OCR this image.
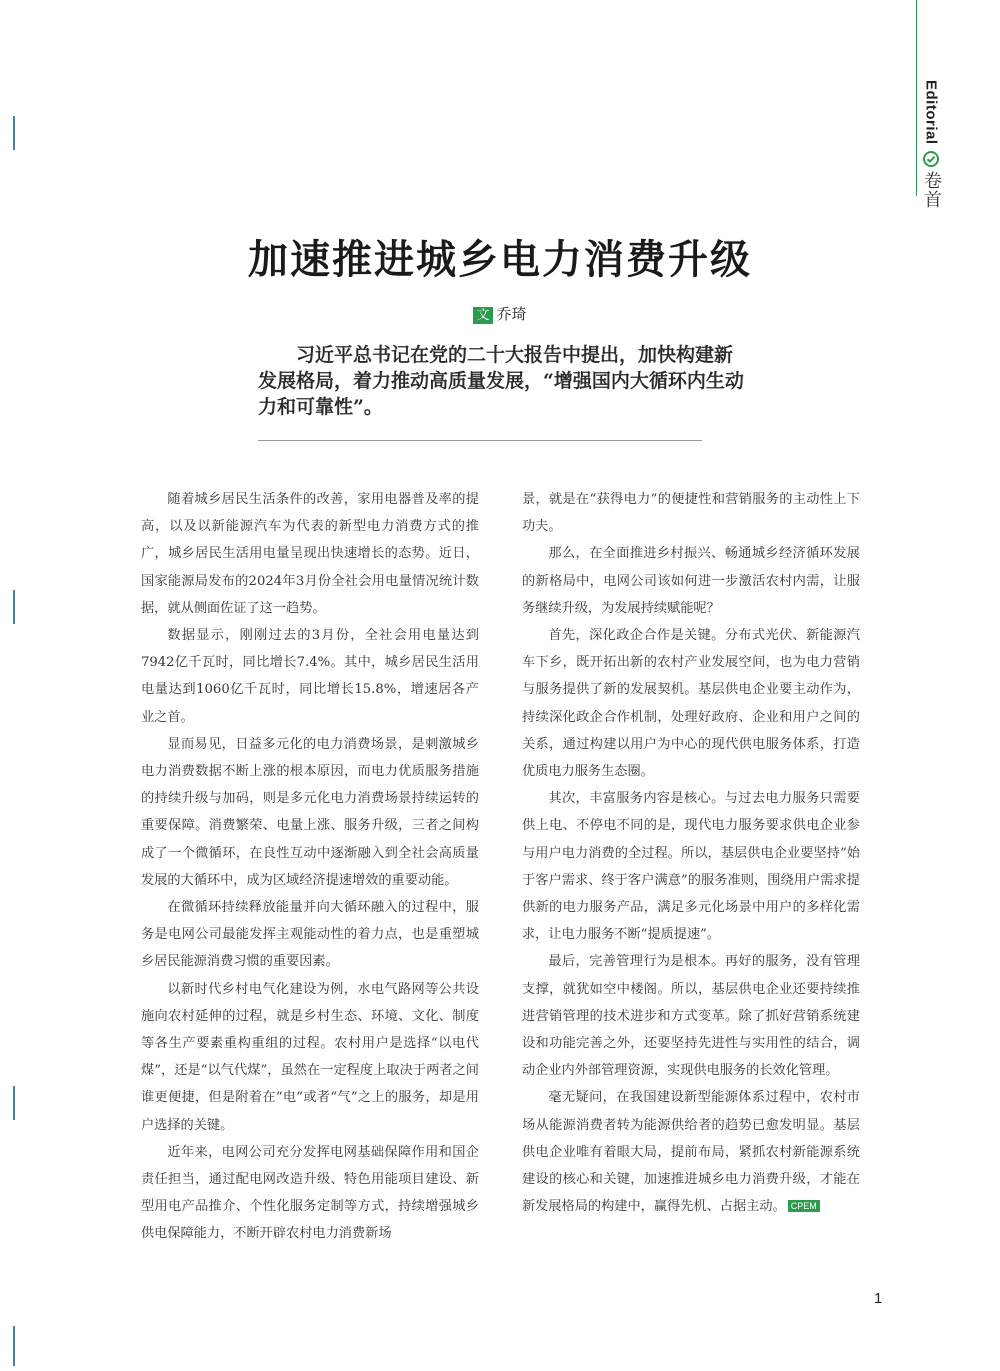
Editorial
卷首
加速推进城乡电力消费升级
文 乔琦

习近平总书记在党的二十大报告中提出，加快构建新发展格局，着力推动高质量发展，“增强国内大循环内生动力和可靠性”。

随着城乡居民生活条件的改善，家用电器普及率的提高，以及以新能源汽车为代表的新型电力消费方式的推广，城乡居民生活用电量呈现出快速增长的态势。近日，国家能源局发布的2024年3月份全社会用电量情况统计数据，就从侧面佐证了这一趋势。

数据显示，刚刚过去的3月份，全社会用电量达到7942亿千瓦时，同比增长7.4%。其中，城乡居民生活用电量达到1060亿千瓦时，同比增长15.8%，增速居各产业之首。

显而易见，日益多元化的电力消费场景，是刺激城乡电力消费数据不断上涨的根本原因，而电力优质服务措施的持续升级与加码，则是多元化电力消费场景持续运转的重要保障。消费繁荣、电量上涨、服务升级，三者之间构成了一个微循环，在良性互动中逐渐融入到全社会高质量发展的大循环中，成为区域经济提速增效的重要动能。

在微循环持续释放能量并向大循环融入的过程中，服务是电网公司最能发挥主观能动性的着力点，也是重塑城乡居民能源消费习惯的重要因素。

以新时代乡村电气化建设为例，水电气路网等公共设施向农村延伸的过程，就是乡村生态、环境、文化、制度等各生产要素重构重组的过程。农村用户是选择“以电代煤”，还是“以气代煤”，虽然在一定程度上取决于两者之间谁更便捷，但是附着在“电”或者“气”之上的服务，却是用户选择的关键。

近年来，电网公司充分发挥电网基础保障作用和国企责任担当，通过配电网改造升级、特色用能项目建设、新型用电产品推介、个性化服务定制等方式，持续增强城乡供电保障能力，不断开辟农村电力消费新场

景，就是在“获得电力”的便捷性和营销服务的主动性上下功夫。

那么，在全面推进乡村振兴、畅通城乡经济循环发展的新格局中，电网公司该如何进一步激活农村内需，让服务继续升级，为发展持续赋能呢？

首先，深化政企合作是关键。分布式光伏、新能源汽车下乡，既开拓出新的农村产业发展空间，也为电力营销与服务提供了新的发展契机。基层供电企业要主动作为，持续深化政企合作机制，处理好政府、企业和用户之间的关系，通过构建以用户为中心的现代供电服务体系，打造优质电力服务生态圈。

其次，丰富服务内容是核心。与过去电力服务只需要供上电、不停电不同的是，现代电力服务要求供电企业参与用户电力消费的全过程。所以，基层供电企业要坚持“始于客户需求、终于客户满意”的服务准则，围绕用户需求提供新的电力服务产品，满足多元化场景中用户的多样化需求，让电力服务不断“提质提速”。

最后，完善管理行为是根本。再好的服务，没有管理支撑，就犹如空中楼阁。所以，基层供电企业还要持续推进营销管理的技术进步和方式变革。除了抓好营销系统建设和功能完善之外，还要坚持先进性与实用性的结合，调动企业内外部管理资源，实现供电服务的长效化管理。

毫无疑问，在我国建设新型能源体系过程中，农村市场从能源消费者转为能源供给者的趋势已愈发明显。基层供电企业唯有着眼大局，提前布局，紧抓农村新能源系统建设的核心和关键，加速推进城乡电力消费升级，才能在新发展格局的构建中，赢得先机、占据主动。 CPEM

1
